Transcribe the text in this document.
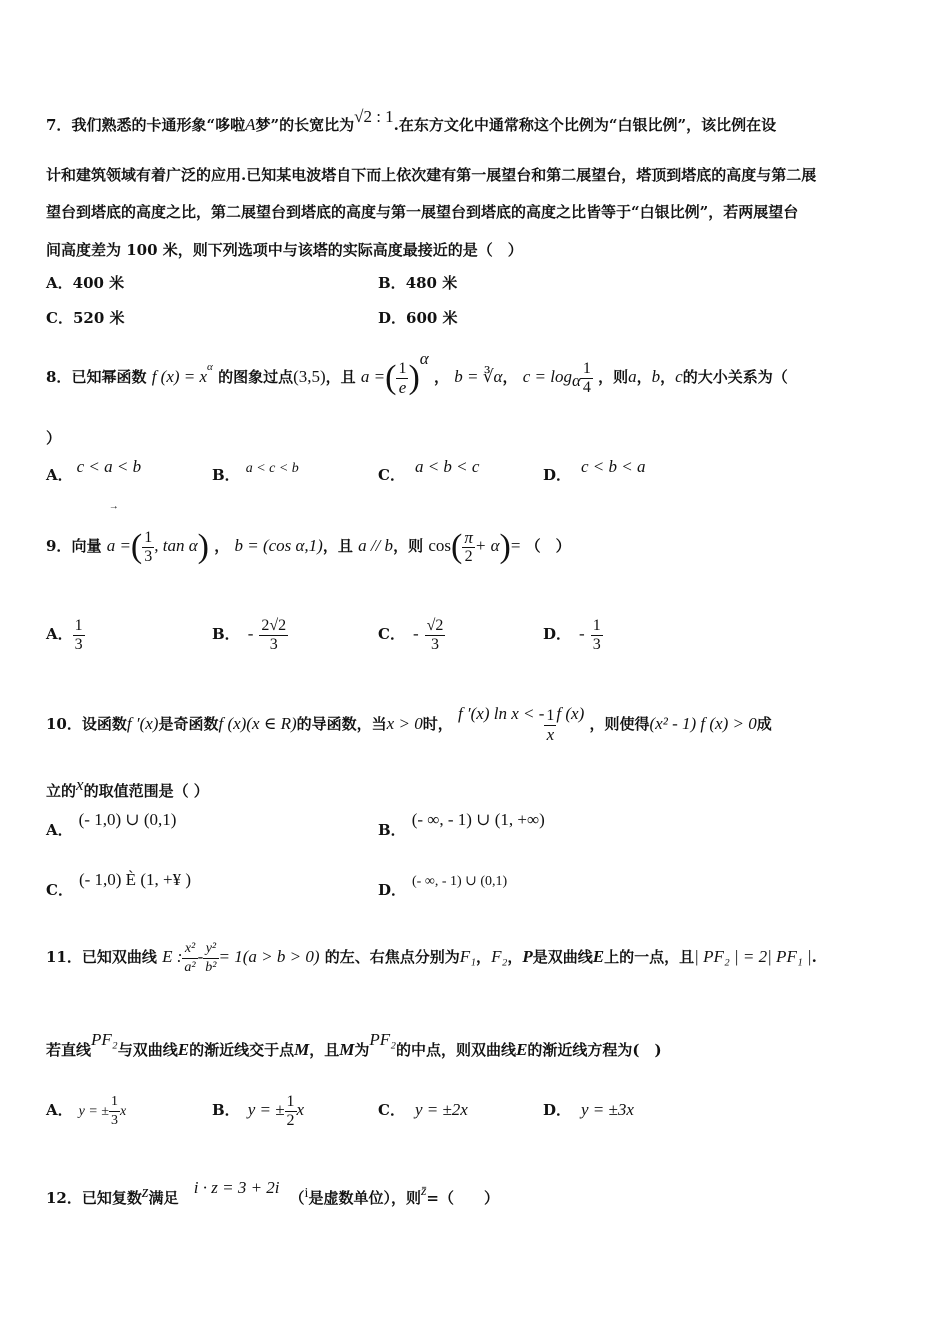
7．我们熟悉的卡通形象“哆啦A梦”的长宽比为√2 : 1.在东方文化中通常称这个比例为“白银比例”，该比例在设
计和建筑领域有着广泛的应用.已知某电波塔自下而上依次建有第一展望台和第二展望台，塔顶到塔底的高度与第二展
望台到塔底的高度之比，第二展望台到塔底的高度与第一展望台到塔底的高度之比皆等于“白银比例”，若两展望台
间高度差为 100 米，则下列选项中与该塔的实际高度最接近的是（　）
A．400 米	B．480 米
C．520 米	D．600 米
8．已知幂函数 f $(x) = x^\alpha$ 的图象过点(3,5)，且 a =( $\frac{1}{e} )^\alpha$ ， b = ∛α， $c = \log_\alpha \frac{1}{4}$ ，则a，b，c的大小关系为（
）
A． c < a < b	B． a < c < b	C． a < b < c	D． c < b < a
9．向量
→
a =( $\frac{1}{3}$ , tan α) ， b = (cos α,1)，且 a // b，则 $\cos( \frac{\pi}{2} + \alpha)=$ （　）
A． $\frac{1}{3}$	B． - $\frac{2√2}{3}$	C． - $\frac{√2}{3}$	D． - $\frac{1}{3}$
10．设函数f ′(x)是奇函数f (x)(x ∈ R)的导函数，当x > 0时， f ′(x) ln x < - $\frac{1}{x}$ f (x) ，则使得(x² - 1) f (x) > 0成
立的$^x$的取值范围是（ ）
A．(- 1,0) ∪ (0,1)
B．(- ∞, - 1) ∪ (1, +∞)
C．(- 1,0) È (1, +¥ )
D． (- ∞, - 1) ∪ (0,1)
11．已知双曲线 E : $\frac{\text{x²}}{\text{a²}} - \frac{\text{y²}}{\text{b²}} = 1(a > b > 0)$ 的左、右焦点分别为F₁，F₂，P是双曲线E上的一点，且| PF₂ | = 2| PF₁ |.
若直线PF₂与双曲线E的渐近线交于点M，且M为PF₂的中点，则双曲线E的渐近线方程为(　)
A． y = ± $\frac{1}{3}$ x	B． y = ± $\frac{1}{2}$ x	C． y = ±2x	D． y = ±3x
12．已知复数$^z$满足 i · z = 3 + 2i（i是虚数单位），则z̄=（　　）
